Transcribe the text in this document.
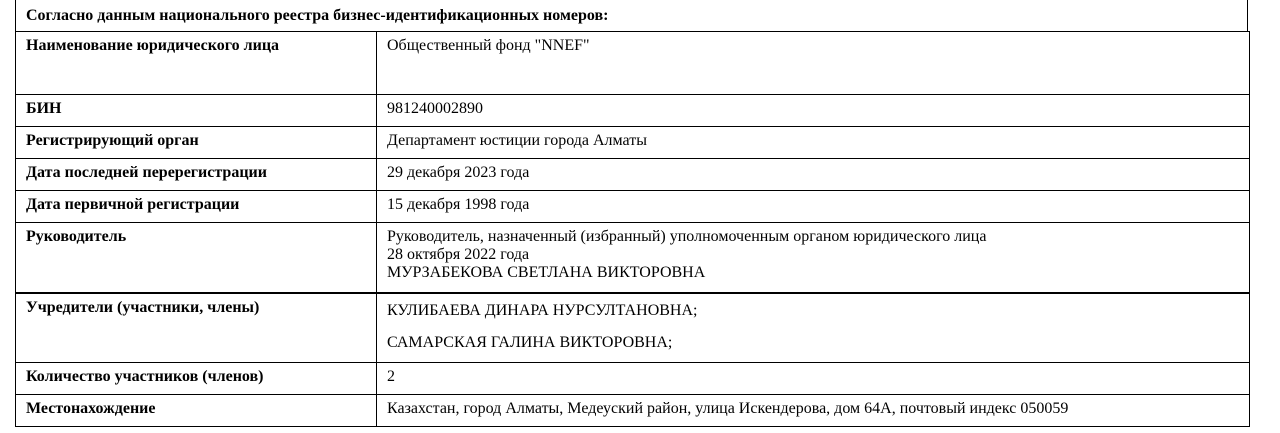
Согласно данным национального реестра бизнес-идентификационных номеров:
Наименование юридического лица	Общественный фонд "NNEF"
БИН	981240002890
Регистрирующий орган	Департамент юстиции города Алматы
Дата последней перерегистрации	29 декабря 2023 года
Дата первичной регистрации	15 декабря 1998 года
Руководитель	Руководитель, назначенный (избранный) уполномоченным органом юридического лица
28 октября 2022 года
МУРЗАБЕКОВА СВЕТЛАНА ВИКТОРОВНА

Учредители (участники, члены)	КУЛИБАЕВА ДИНАРА НУРСУЛТАНОВНА;
САМАРСКАЯ ГАЛИНА ВИКТОРОВНА;

Количество участников (членов)	2
Местонахождение	Казахстан, город Алматы, Медеуский район, улица Искендерова, дом 64А, почтовый индекс 050059
